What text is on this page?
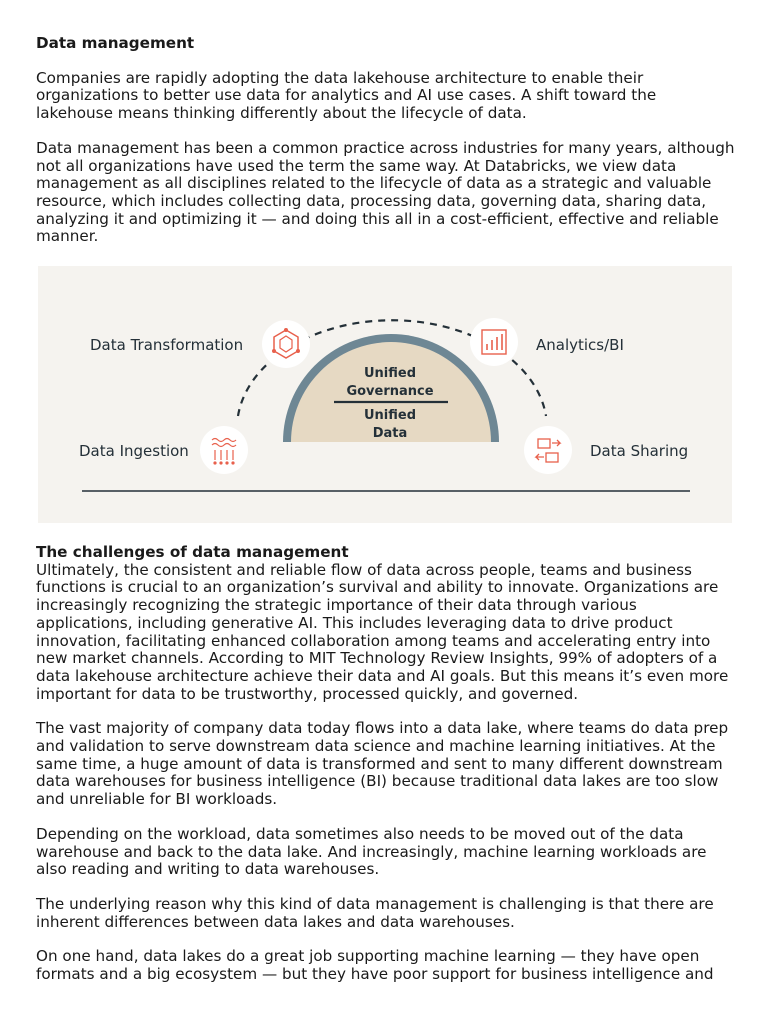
Data management

Companies are rapidly adopting the data lakehouse architecture to enable their organizations to better use data for analytics and AI use cases. A shift toward the lakehouse means thinking differently about the lifecycle of data.

Data management has been a common practice across industries for many years, although not all organizations have used the term the same way. At Databricks, we view data management as all disciplines related to the lifecycle of data as a strategic and valuable resource, which includes collecting data, processing data, governing data, sharing data, analyzing it and optimizing it — and doing this all in a cost-efficient, effective and reliable manner.

Unified
Governance
Unified
Data
Data Transformation	Analytics/BI
Data Ingestion	Data Sharing
The challenges of data management

Ultimately, the consistent and reliable flow of data across people, teams and business functions is crucial to an organization’s survival and ability to innovate. Organizations are increasingly recognizing the strategic importance of their data through various applications, including generative AI. This includes leveraging data to drive product innovation, facilitating enhanced collaboration among teams and accelerating entry into new market channels. According to MIT Technology Review Insights, 99% of adopters of a data lakehouse architecture achieve their data and AI goals. But this means it’s even more important for data to be trustworthy, processed quickly, and governed.

The vast majority of company data today flows into a data lake, where teams do data prep and validation to serve downstream data science and machine learning initiatives. At the same time, a huge amount of data is transformed and sent to many different downstream data warehouses for business intelligence (BI) because traditional data lakes are too slow and unreliable for BI workloads.

Depending on the workload, data sometimes also needs to be moved out of the data warehouse and back to the data lake. And increasingly, machine learning workloads are also reading and writing to data warehouses.

The underlying reason why this kind of data management is challenging is that there are inherent differences between data lakes and data warehouses.

On one hand, data lakes do a great job supporting machine learning — they have open formats and a big ecosystem — but they have poor support for business intelligence and
